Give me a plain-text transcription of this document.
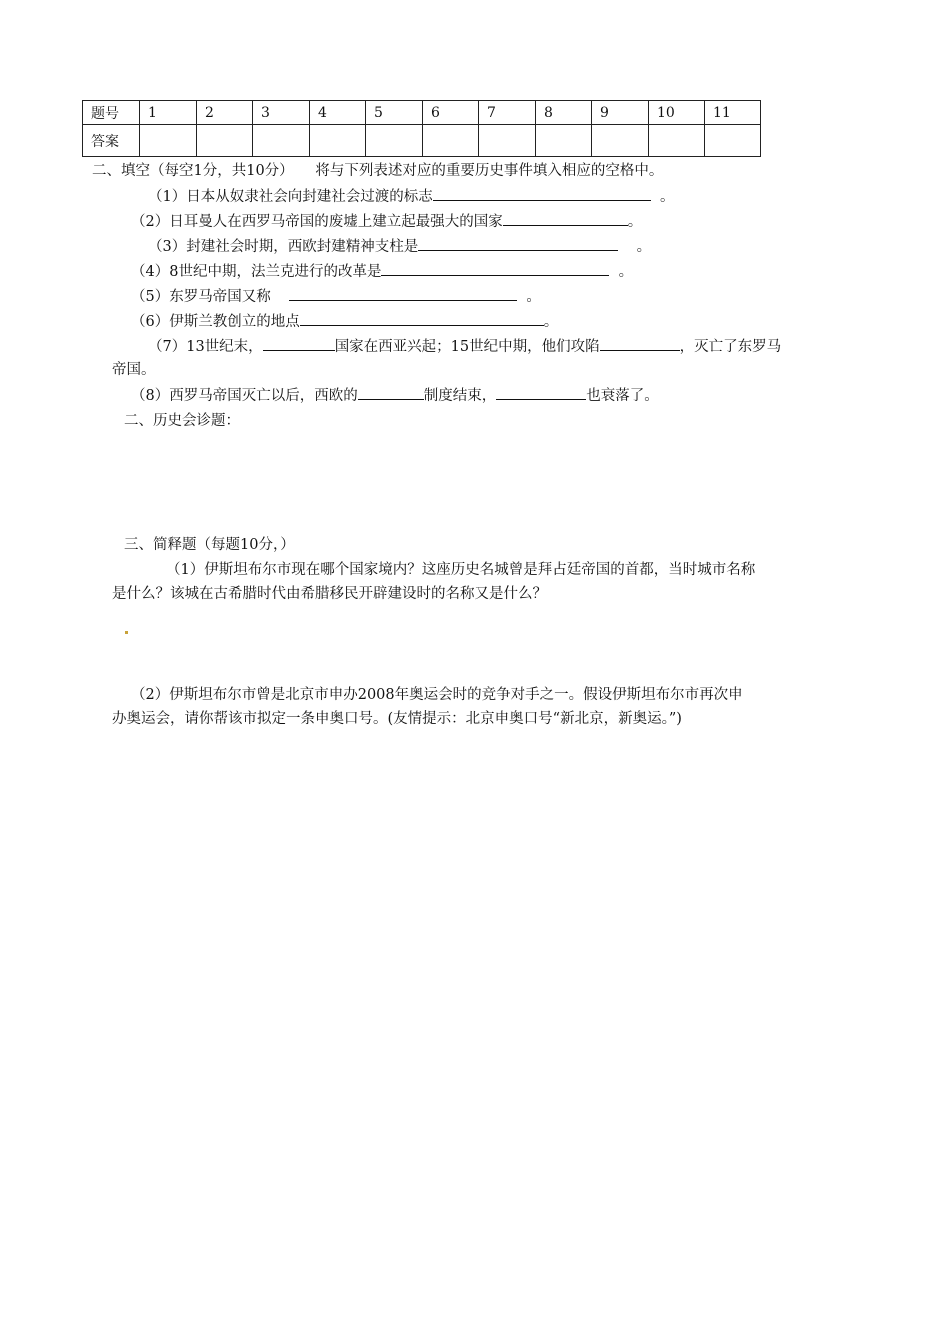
题号	1	2	3	4	5	6	7	8	9	10	11
答案											
二、填空（每空1分，共10分）　　将与下列表述对应的重要历史事件填入相应的空格中。
（1）日本从奴隶社会向封建社会过渡的标志	。
（2）日耳曼人在西罗马帝国的废墟上建立起最强大的国家	。
（3）封建社会时期，西欧封建精神支柱是	。
（4）8世纪中期，法兰克进行的改革是	。
（5）东罗马帝国又称	。
（6）伊斯兰教创立的地点	。
（7）13世纪末，	国家在西亚兴起；15世纪中期，他们攻陷	，灭亡了东罗马
帝国。
（8）西罗马帝国灭亡以后，西欧的	制度结束，	也衰落了。
二、历史会诊题：
三、简释题（每题10分，）
（1）伊斯坦布尔市现在哪个国家境内？这座历史名城曾是拜占廷帝国的首都，当时城市名称
是什么？该城在古希腊时代由希腊移民开辟建设时的名称又是什么？
（2）伊斯坦布尔市曾是北京市申办2008年奥运会时的竞争对手之一。假设伊斯坦布尔市再次申
办奥运会，请你帮该市拟定一条申奥口号。(友情提示：北京申奥口号“新北京，新奥运。”)
